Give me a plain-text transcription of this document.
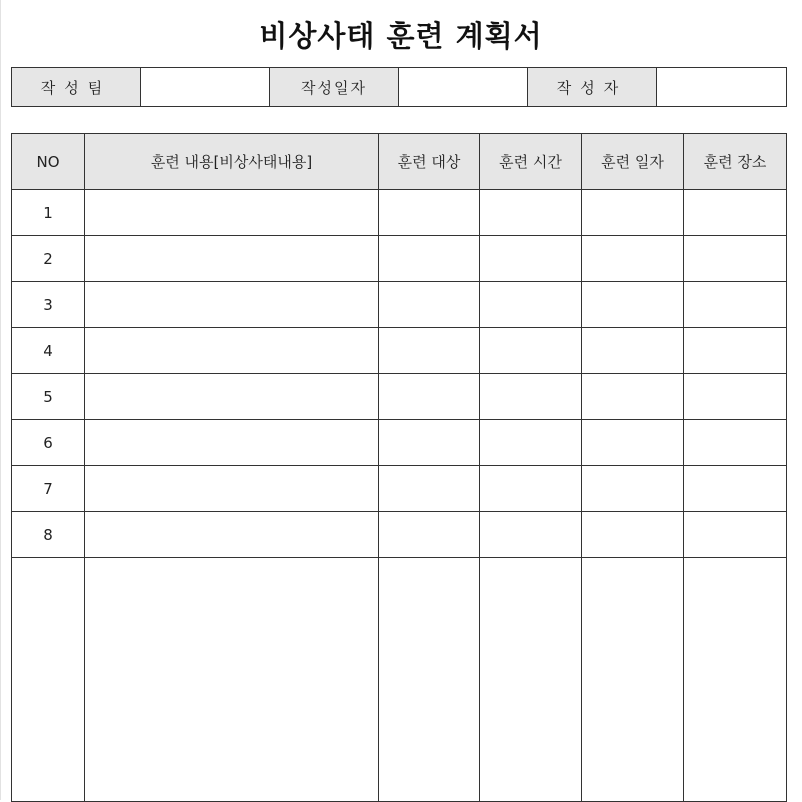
비상사태 훈련 계획서
작성팀		작성일자		작성자	
NO	훈련 내용[비상사태내용]	훈련 대상	훈련 시간	훈련 일자	훈련 장소
1					
2					
3					
4					
5					
6					
7					
8					
